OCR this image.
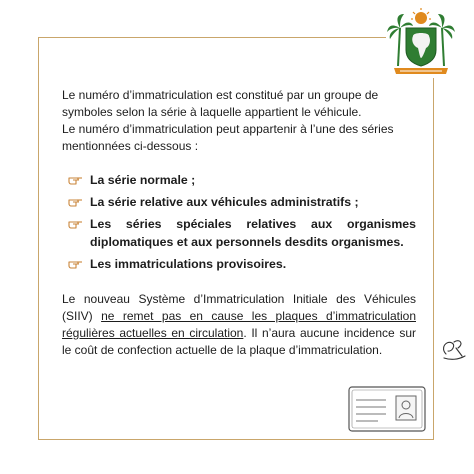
Le numéro d’immatriculation est constitué par un groupe de symboles selon la série à laquelle appartient le véhicule.

Le numéro d’immatriculation peut appartenir à l’une des séries mentionnées ci-dessous :

La série normale ;
La série relative aux véhicules administratifs ;
Les séries spéciales relatives aux organismes diplomatiques et aux personnels desdits organismes.
Les immatriculations provisoires.

Le nouveau Système d’Immatriculation Initiale des Véhicules (SIIV) ne remet pas en cause les plaques d’immatriculation régulières actuelles en circulation. Il n’aura aucune incidence sur le coût de confection actuelle de la plaque d’immatriculation.
